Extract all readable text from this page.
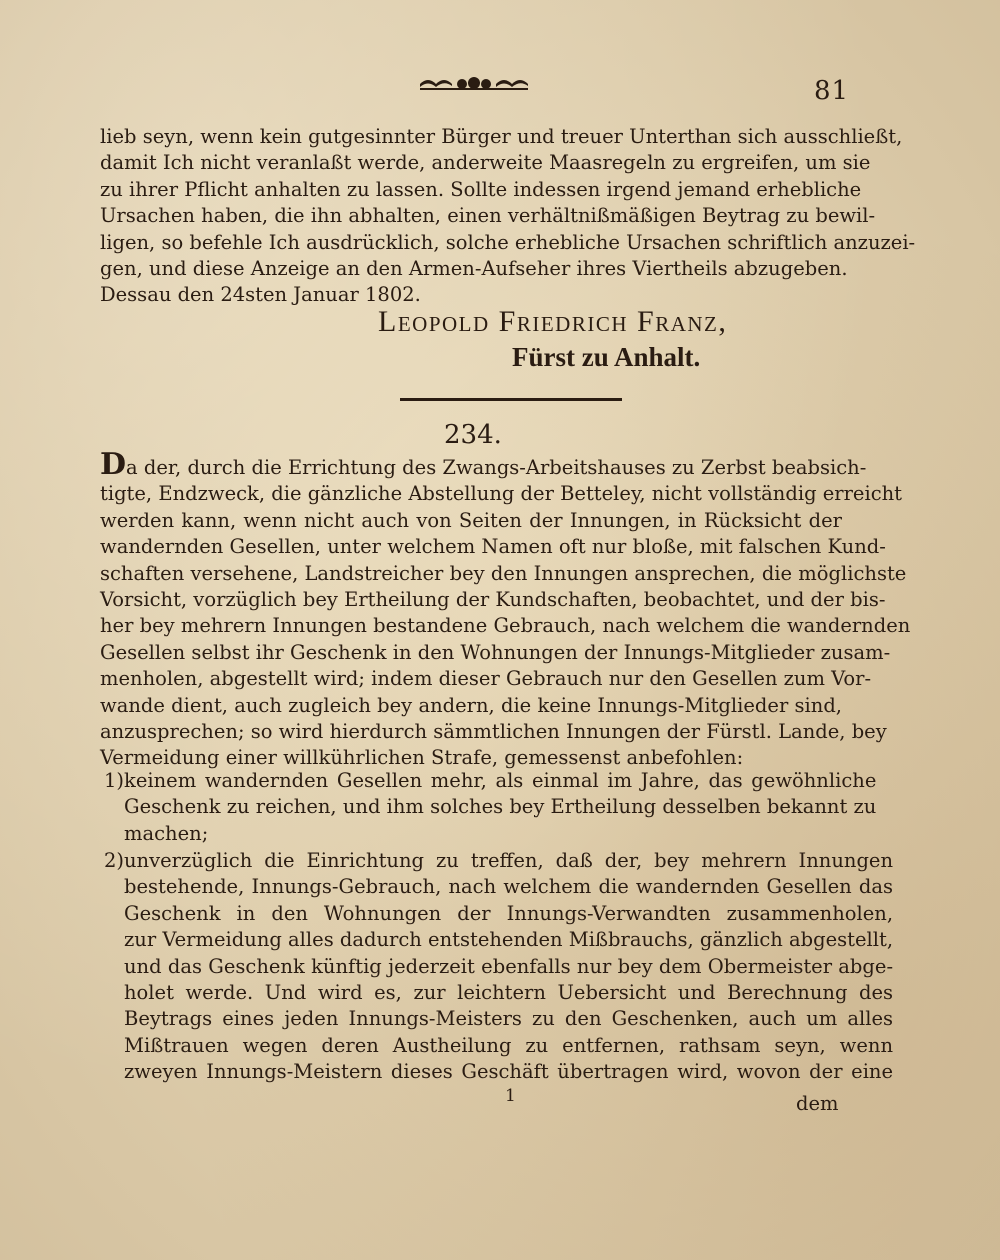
81
lieb seyn, wenn kein gutgesinnter Bürger und treuer Unterthan sich ausschließt,
damit Ich nicht veranlaßt werde, anderweite Maasregeln zu ergreifen, um sie
zu ihrer Pflicht anhalten zu lassen. Sollte indessen irgend jemand erhebliche
Ursachen haben, die ihn abhalten, einen verhältnißmäßigen Beytrag zu bewil-
ligen, so befehle Ich ausdrücklich, solche erhebliche Ursachen schriftlich anzuzei-
gen, und diese Anzeige an den Armen-Aufseher ihres Viertheils abzugeben.
Dessau den 24sten Januar 1802.
Leopold Friedrich Franz,
Fürst zu Anhalt.
234.
Da der, durch die Errichtung des Zwangs-Arbeitshauses zu Zerbst beabsich-
tigte, Endzweck, die gänzliche Abstellung der Betteley, nicht vollständig erreicht
werden kann, wenn nicht auch von Seiten der Innungen, in Rücksicht der
wandernden Gesellen, unter welchem Namen oft nur bloße, mit falschen Kund-
schaften versehene, Landstreicher bey den Innungen ansprechen, die möglichste
Vorsicht, vorzüglich bey Ertheilung der Kundschaften, beobachtet, und der bis-
her bey mehrern Innungen bestandene Gebrauch, nach welchem die wandernden
Gesellen selbst ihr Geschenk in den Wohnungen der Innungs-Mitglieder zusam-
menholen, abgestellt wird; indem dieser Gebrauch nur den Gesellen zum Vor-
wande dient, auch zugleich bey andern, die keine Innungs-Mitglieder sind,
anzusprechen; so wird hierdurch sämmtlichen Innungen der Fürstl. Lande, bey
Vermeidung einer willkührlichen Strafe, gemessenst anbefohlen:
1) keinem wandernden Gesellen mehr, als einmal im Jahre, das gewöhnliche
Geschenk zu reichen, und ihm solches bey Ertheilung desselben bekannt zu
machen;
2) unverzüglich die Einrichtung zu treffen, daß der, bey mehrern Innungen
bestehende, Innungs-Gebrauch, nach welchem die wandernden Gesellen das
Geschenk in den Wohnungen der Innungs-Verwandten zusammenholen,
zur Vermeidung alles dadurch entstehenden Mißbrauchs, gänzlich abgestellt,
und das Geschenk künftig jederzeit ebenfalls nur bey dem Obermeister abge-
holet werde. Und wird es, zur leichtern Uebersicht und Berechnung des
Beytrags eines jeden Innungs-Meisters zu den Geschenken, auch um alles
Mißtrauen wegen deren Austheilung zu entfernen, rathsam seyn, wenn
zweyen Innungs-Meistern dieses Geschäft übertragen wird, wovon der eine
1	dem
